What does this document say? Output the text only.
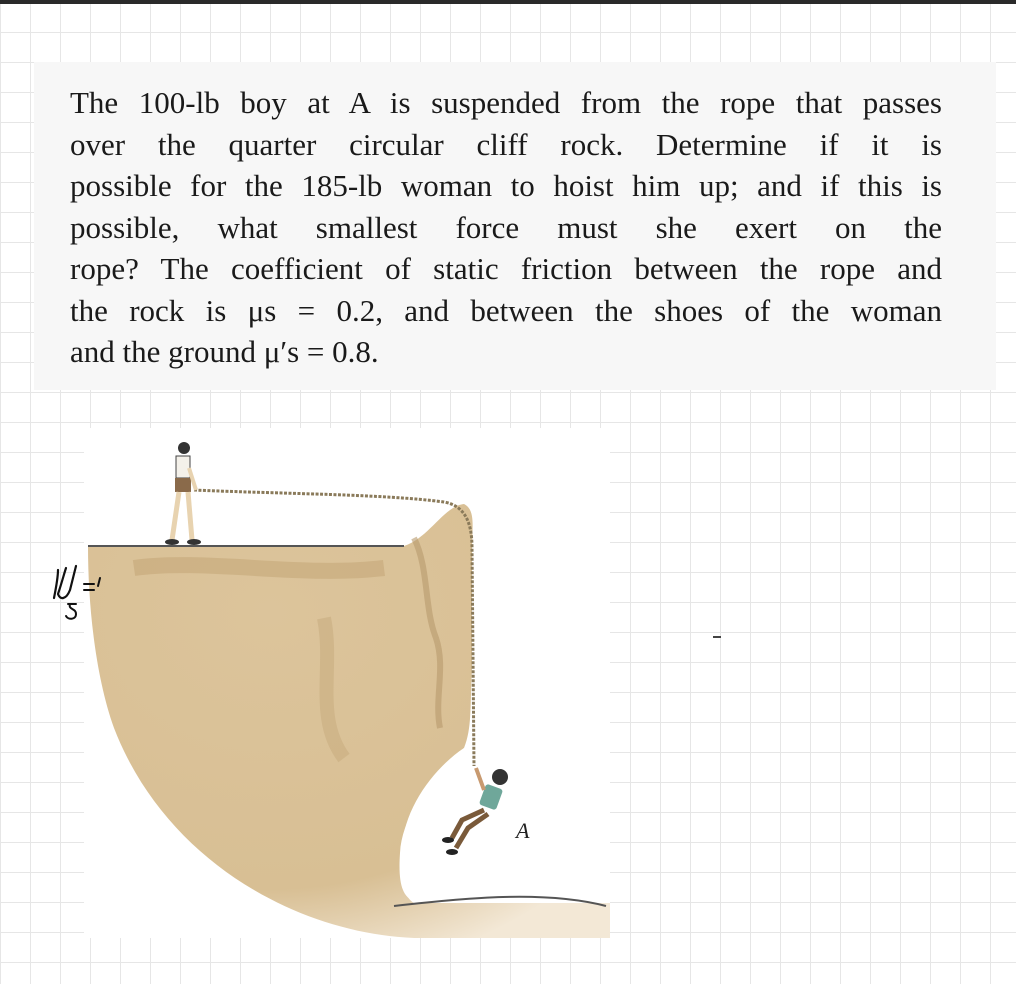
The 100-lb boy at A is suspended from the rope that passes
over the quarter circular cliff rock. Determine if it is
possible for the 185-lb woman to hoist him up; and if this is
possible, what smallest force must she exert on the
rope? The coefficient of static friction between the rope and
the rock is μs = 0.2, and between the shoes of the woman

and the ground μ′s = 0.8.
A
